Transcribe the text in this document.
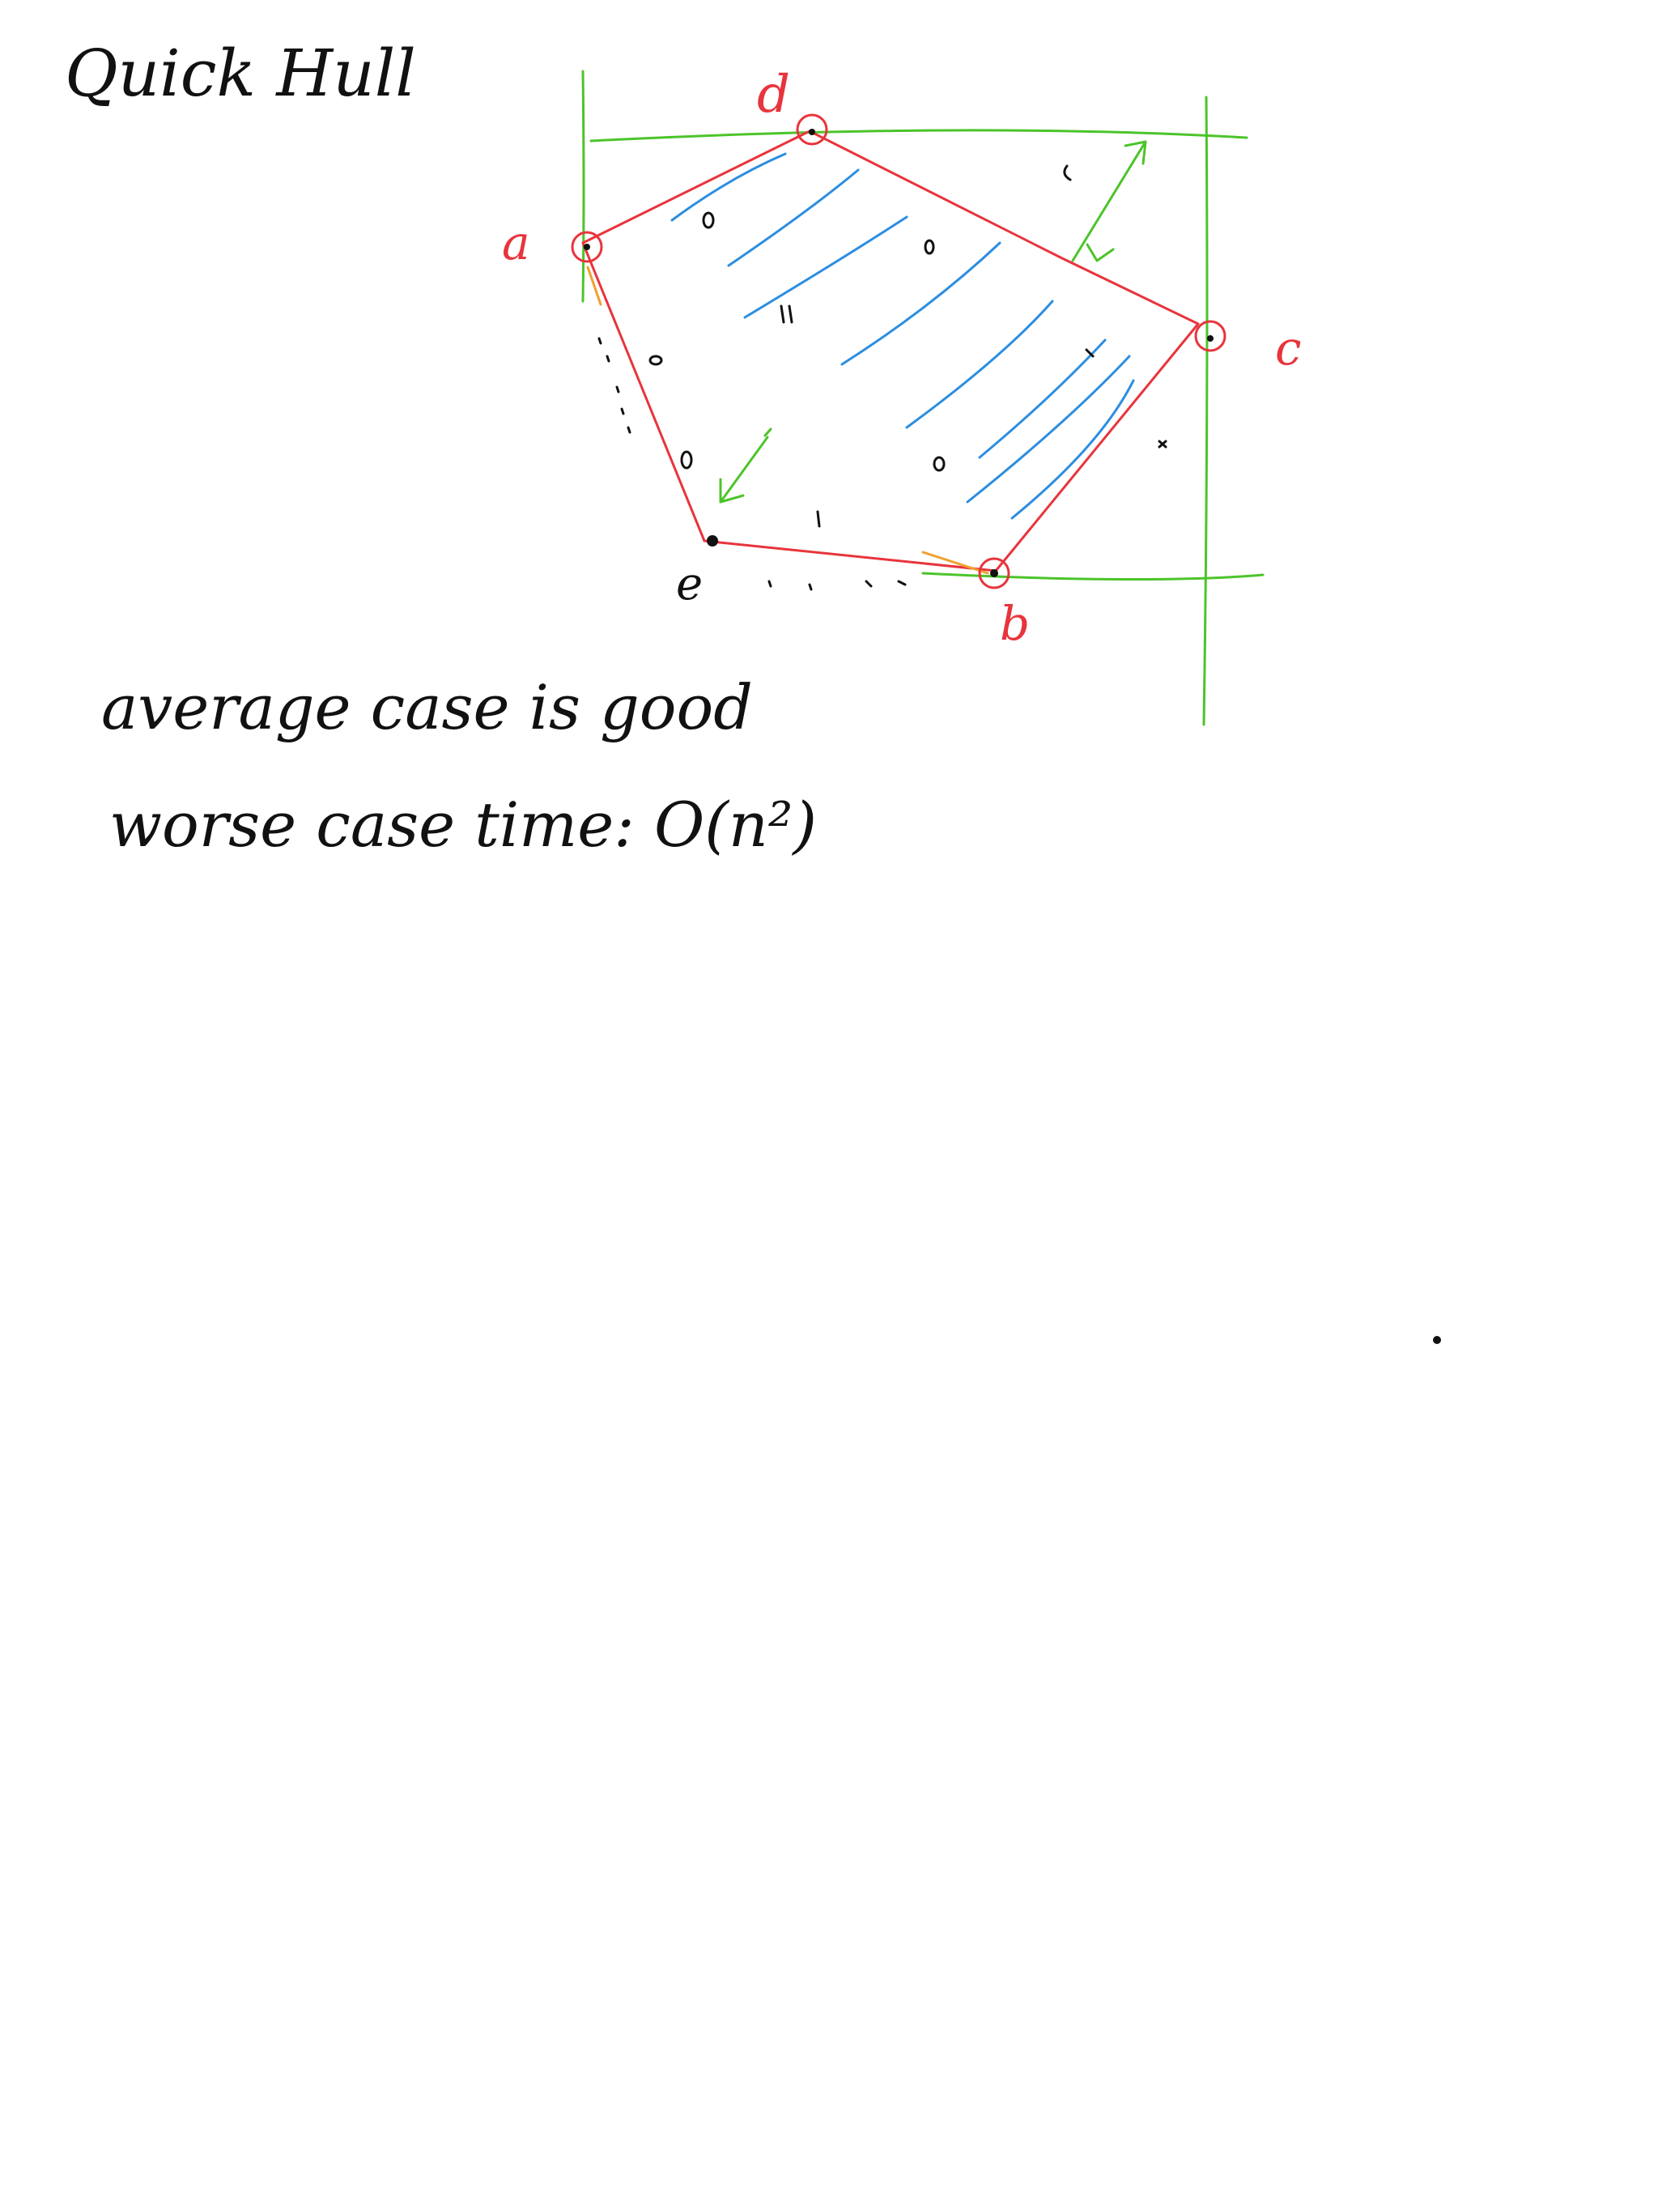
Quick Hull
a
b
c
d
e
average case is good
worse case time: O(n²)
